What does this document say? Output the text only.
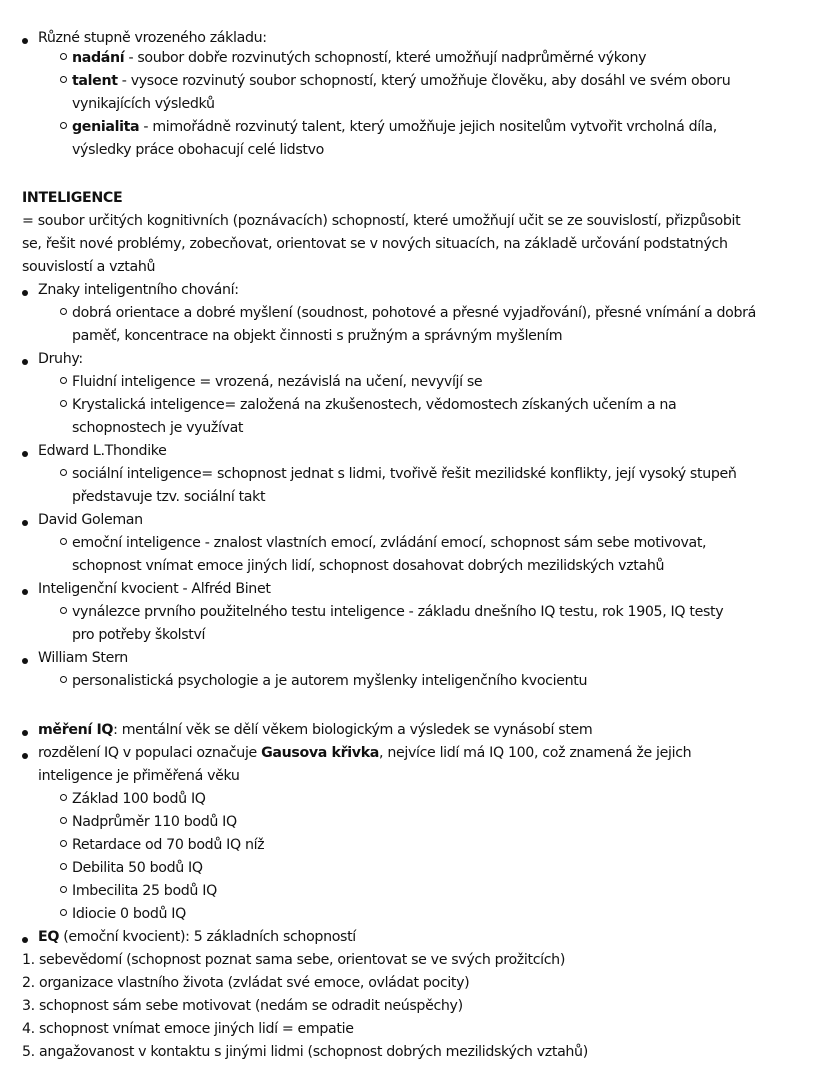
Různé stupně vrozeného základu:
nadání - soubor dobře rozvinutých schopností, které umožňují nadprůměrné výkony
talent - vysoce rozvinutý soubor schopností, který umožňuje člověku, aby dosáhl ve svém oboru
vynikajících výsledků
genialita - mimořádně rozvinutý talent, který umožňuje jejich nositelům vytvořit vrcholná díla,
výsledky práce obohacují celé lidstvo
INTELIGENCE
= soubor určitých kognitivních (poznávacích) schopností, které umožňují učit se ze souvislostí, přizpůsobit
se, řešit nové problémy, zobecňovat, orientovat se v nových situacích, na základě určování podstatných
souvislostí a vztahů
Znaky inteligentního chování:
dobrá orientace a dobré myšlení (soudnost, pohotové a přesné vyjadřování), přesné vnímání a dobrá
paměť, koncentrace na objekt činnosti s pružným a správným myšlením
Druhy:
Fluidní inteligence = vrozená, nezávislá na učení, nevyvíjí se
Krystalická inteligence= založená na zkušenostech, vědomostech získaných učením a na
schopnostech je využívat
Edward L.Thondike
sociální inteligence= schopnost jednat s lidmi, tvořivě řešit mezilidské konflikty, její vysoký stupeň
představuje tzv. sociální takt
David Goleman
emoční inteligence - znalost vlastních emocí, zvládání emocí, schopnost sám sebe motivovat,
schopnost vnímat emoce jiných lidí, schopnost dosahovat dobrých mezilidských vztahů
Inteligenční kvocient - Alfréd Binet
vynálezce prvního použitelného testu inteligence - základu dnešního IQ testu, rok 1905, IQ testy
pro potřeby školství
William Stern
personalistická psychologie a je autorem myšlenky inteligenčního kvocientu
měření IQ: mentální věk se dělí věkem biologickým a výsledek se vynásobí stem
rozdělení IQ v populaci označuje Gausova křivka, nejvíce lidí má IQ 100, což znamená že jejich
inteligence je přiměřená věku
Základ 100 bodů IQ
Nadprůměr 110 bodů IQ
Retardace od 70 bodů IQ níž
Debilita 50 bodů IQ
Imbecilita 25 bodů IQ
Idiocie 0 bodů IQ
EQ (emoční kvocient): 5 základních schopností
1. sebevědomí (schopnost poznat sama sebe, orientovat se ve svých prožitcích)
2. organizace vlastního života (zvládat své emoce, ovládat pocity)
3. schopnost sám sebe motivovat (nedám se odradit neúspěchy)
4. schopnost vnímat emoce jiných lidí = empatie
5. angažovanost v kontaktu s jinými lidmi (schopnost dobrých mezilidských vztahů)
